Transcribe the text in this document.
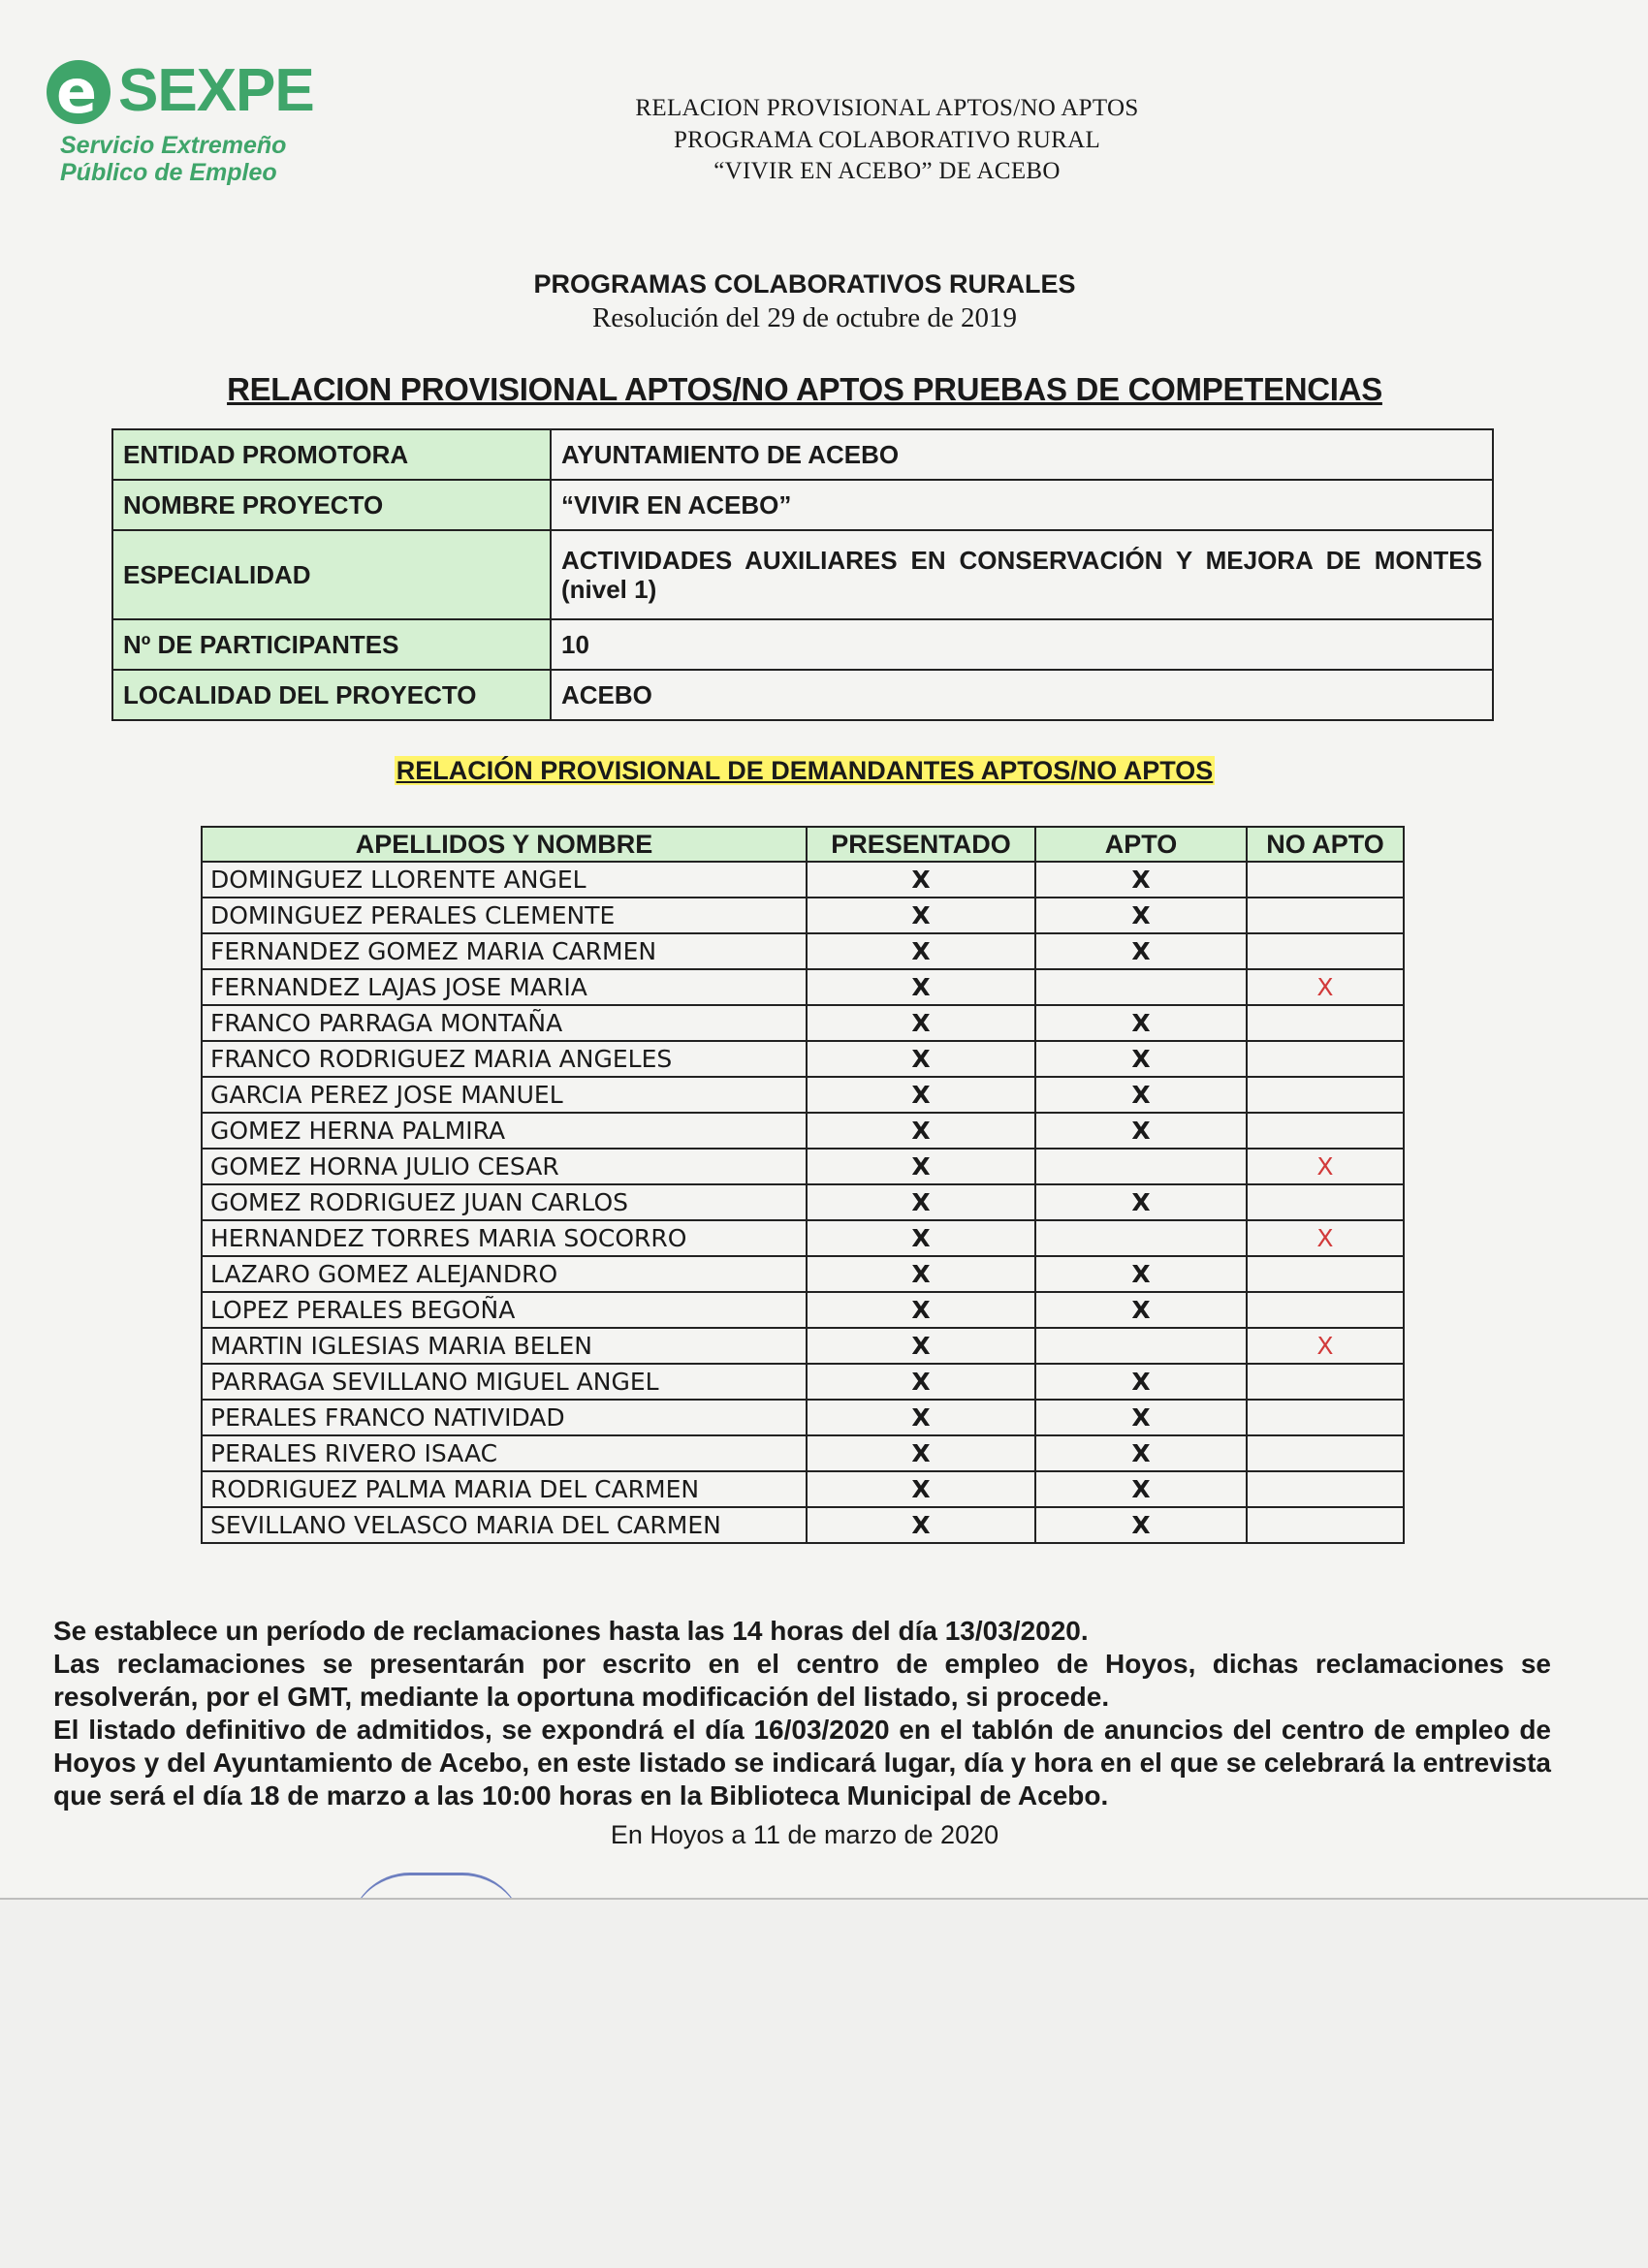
e SEXPE
Servicio Extremeño
Público de Empleo
RELACION PROVISIONAL APTOS/NO APTOS
PROGRAMA COLABORATIVO RURAL
“VIVIR EN ACEBO” DE ACEBO
PROGRAMAS COLABORATIVOS RURALES
Resolución del 29 de octubre de 2019
RELACION PROVISIONAL APTOS/NO APTOS PRUEBAS DE COMPETENCIAS
ENTIDAD PROMOTORA	AYUNTAMIENTO DE ACEBO
NOMBRE PROYECTO	“VIVIR EN ACEBO”
ESPECIALIDAD	ACTIVIDADES AUXILIARES EN CONSERVACIÓN Y MEJORA DE MONTES (nivel 1)
Nº DE PARTICIPANTES	10
LOCALIDAD DEL PROYECTO	ACEBO
RELACIÓN PROVISIONAL DE DEMANDANTES APTOS/NO APTOS
APELLIDOS Y NOMBRE	PRESENTADO	APTO	NO APTO
DOMINGUEZ LLORENTE ANGEL	X	X	
DOMINGUEZ PERALES CLEMENTE	X	X	
FERNANDEZ GOMEZ MARIA CARMEN	X	X	
FERNANDEZ LAJAS JOSE MARIA	X		X
FRANCO PARRAGA MONTAÑA	X	X	
FRANCO RODRIGUEZ MARIA ANGELES	X	X	
GARCIA PEREZ JOSE MANUEL	X	X	
GOMEZ HERNA PALMIRA	X	X	
GOMEZ HORNA JULIO CESAR	X		X
GOMEZ RODRIGUEZ JUAN CARLOS	X	X	
HERNANDEZ TORRES MARIA SOCORRO	X		X
LAZARO GOMEZ ALEJANDRO	X	X	
LOPEZ PERALES BEGOÑA	X	X	
MARTIN IGLESIAS MARIA BELEN	X		X
PARRAGA SEVILLANO MIGUEL ANGEL	X	X	
PERALES FRANCO NATIVIDAD	X	X	
PERALES RIVERO ISAAC	X	X	
RODRIGUEZ PALMA MARIA DEL CARMEN	X	X	
SEVILLANO VELASCO MARIA DEL CARMEN	X	X	
Se establece un período de reclamaciones hasta las 14 horas del día 13/03/2020.
Las reclamaciones se presentarán por escrito en el centro de empleo de Hoyos, dichas reclamaciones se resolverán, por el GMT, mediante la oportuna modificación del listado, si procede.
El listado definitivo de admitidos, se expondrá el día 16/03/2020 en el tablón de anuncios del centro de empleo de Hoyos y del Ayuntamiento de Acebo, en este listado se indicará lugar, día y hora en el que se celebrará la entrevista que será el día 18 de marzo a las 10:00 horas en la Biblioteca Municipal de Acebo.
En Hoyos a 11 de marzo de 2020
